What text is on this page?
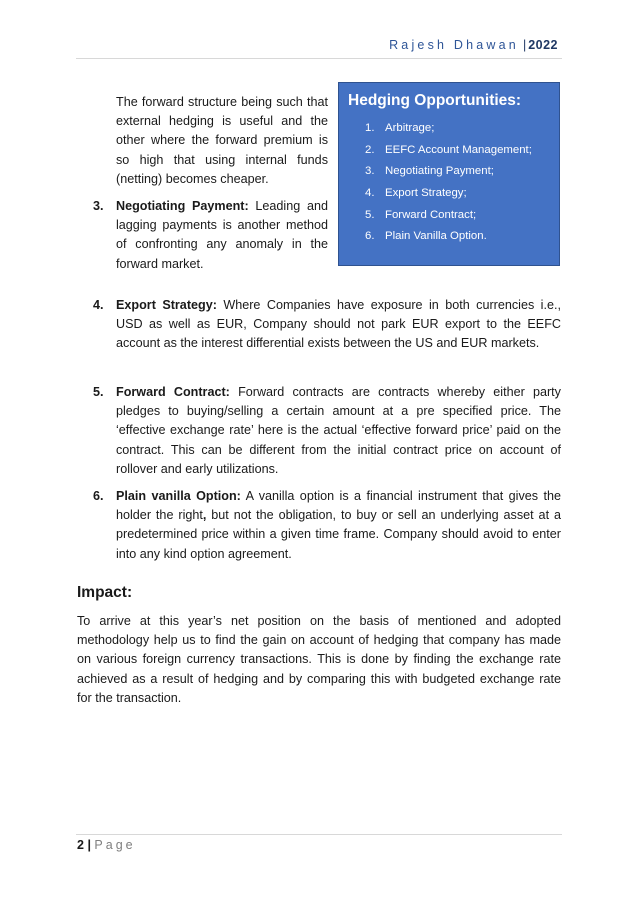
Rajesh Dhawan | 2022
The forward structure being such that external hedging is useful and the other where the forward premium is so high that using internal funds (netting) becomes cheaper.
3. Negotiating Payment: Leading and lagging payments is another method of confronting any anomaly in the forward market.
Hedging Opportunities:
1. Arbitrage;
2. EEFC Account Management;
3. Negotiating Payment;
4. Export Strategy;
5. Forward Contract;
6. Plain Vanilla Option.
4. Export Strategy: Where Companies have exposure in both currencies i.e., USD as well as EUR, Company should not park EUR export to the EEFC account as the interest differential exists between the US and EUR markets.
5. Forward Contract: Forward contracts are contracts whereby either party pledges to buying/selling a certain amount at a pre specified price. The ‘effective exchange rate’ here is the actual ‘effective forward price’ paid on the contract. This can be different from the initial contract price on account of rollover and early utilizations.
6. Plain vanilla Option: A vanilla option is a financial instrument that gives the holder the right, but not the obligation, to buy or sell an underlying asset at a predetermined price within a given time frame. Company should avoid to enter into any kind option agreement.
Impact:
To arrive at this year’s net position on the basis of mentioned and adopted methodology help us to find the gain on account of hedging that company has made on various foreign currency transactions. This is done by finding the exchange rate achieved as a result of hedging and by comparing this with budgeted exchange rate for the transaction.
2 | Page
